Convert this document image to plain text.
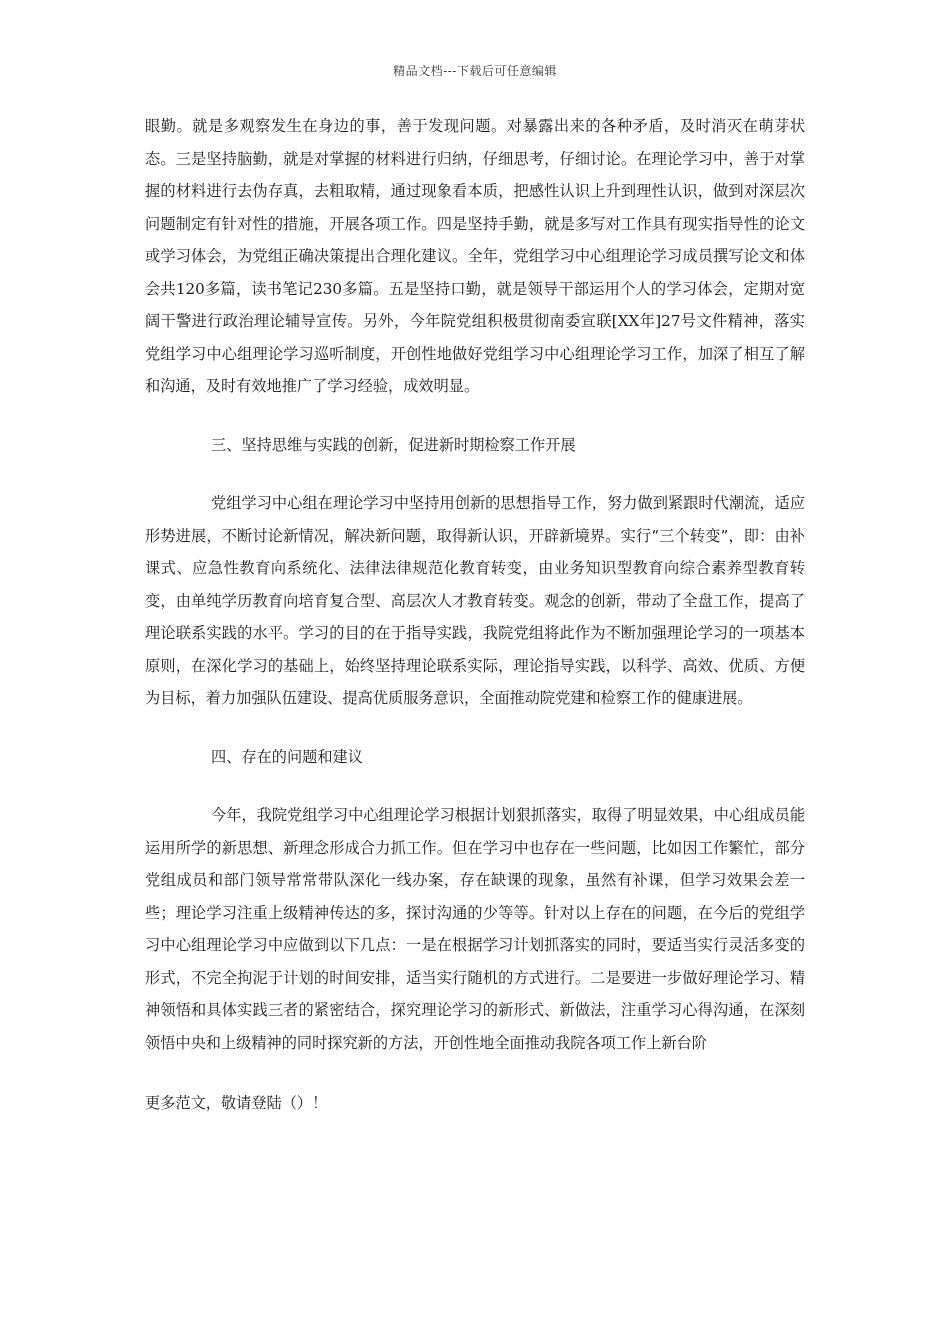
精品文档---下载后可任意编辑

眼勤。就是多观察发生在身边的事，善于发现问题。对暴露出来的各种矛盾，及时消灭在萌芽状态。三是坚持脑勤，就是对掌握的材料进行归纳，仔细思考，仔细讨论。在理论学习中，善于对掌握的材料进行去伪存真，去粗取精，通过现象看本质，把感性认识上升到理性认识，做到对深层次问题制定有针对性的措施，开展各项工作。四是坚持手勤，就是多写对工作具有现实指导性的论文或学习体会，为党组正确决策提出合理化建议。全年，党组学习中心组理论学习成员撰写论文和体会共120多篇，读书笔记230多篇。五是坚持口勤，就是领导干部运用个人的学习体会，定期对宽阔干警进行政治理论辅导宣传。另外，今年院党组积极贯彻南委宣联[XX年]27号文件精神，落实党组学习中心组理论学习巡听制度，开创性地做好党组学习中心组理论学习工作，加深了相互了解和沟通，及时有效地推广了学习经验，成效明显。

三、坚持思维与实践的创新，促进新时期检察工作开展

党组学习中心组在理论学习中坚持用创新的思想指导工作，努力做到紧跟时代潮流，适应形势进展，不断讨论新情况，解决新问题，取得新认识，开辟新境界。实行“三个转变”，即：由补课式、应急性教育向系统化、法律法律规范化教育转变，由业务知识型教育向综合素养型教育转变，由单纯学历教育向培育复合型、高层次人才教育转变。观念的创新，带动了全盘工作，提高了理论联系实践的水平。学习的目的在于指导实践，我院党组将此作为不断加强理论学习的一项基本原则，在深化学习的基础上，始终坚持理论联系实际，理论指导实践，以科学、高效、优质、方便为目标，着力加强队伍建设、提高优质服务意识，全面推动院党建和检察工作的健康进展。

四、存在的问题和建议

今年，我院党组学习中心组理论学习根据计划狠抓落实，取得了明显效果，中心组成员能运用所学的新思想、新理念形成合力抓工作。但在学习中也存在一些问题，比如因工作繁忙，部分党组成员和部门领导常常带队深化一线办案，存在缺课的现象，虽然有补课，但学习效果会差一些；理论学习注重上级精神传达的多，探讨沟通的少等等。针对以上存在的问题，在今后的党组学习中心组理论学习中应做到以下几点：一是在根据学习计划抓落实的同时，要适当实行灵活多变的形式，不完全拘泥于计划的时间安排，适当实行随机的方式进行。二是要进一步做好理论学习、精神领悟和具体实践三者的紧密结合，探究理论学习的新形式、新做法，注重学习心得沟通，在深刻领悟中央和上级精神的同时探究新的方法，开创性地全面推动我院各项工作上新台阶

更多范文，敬请登陆（）！
